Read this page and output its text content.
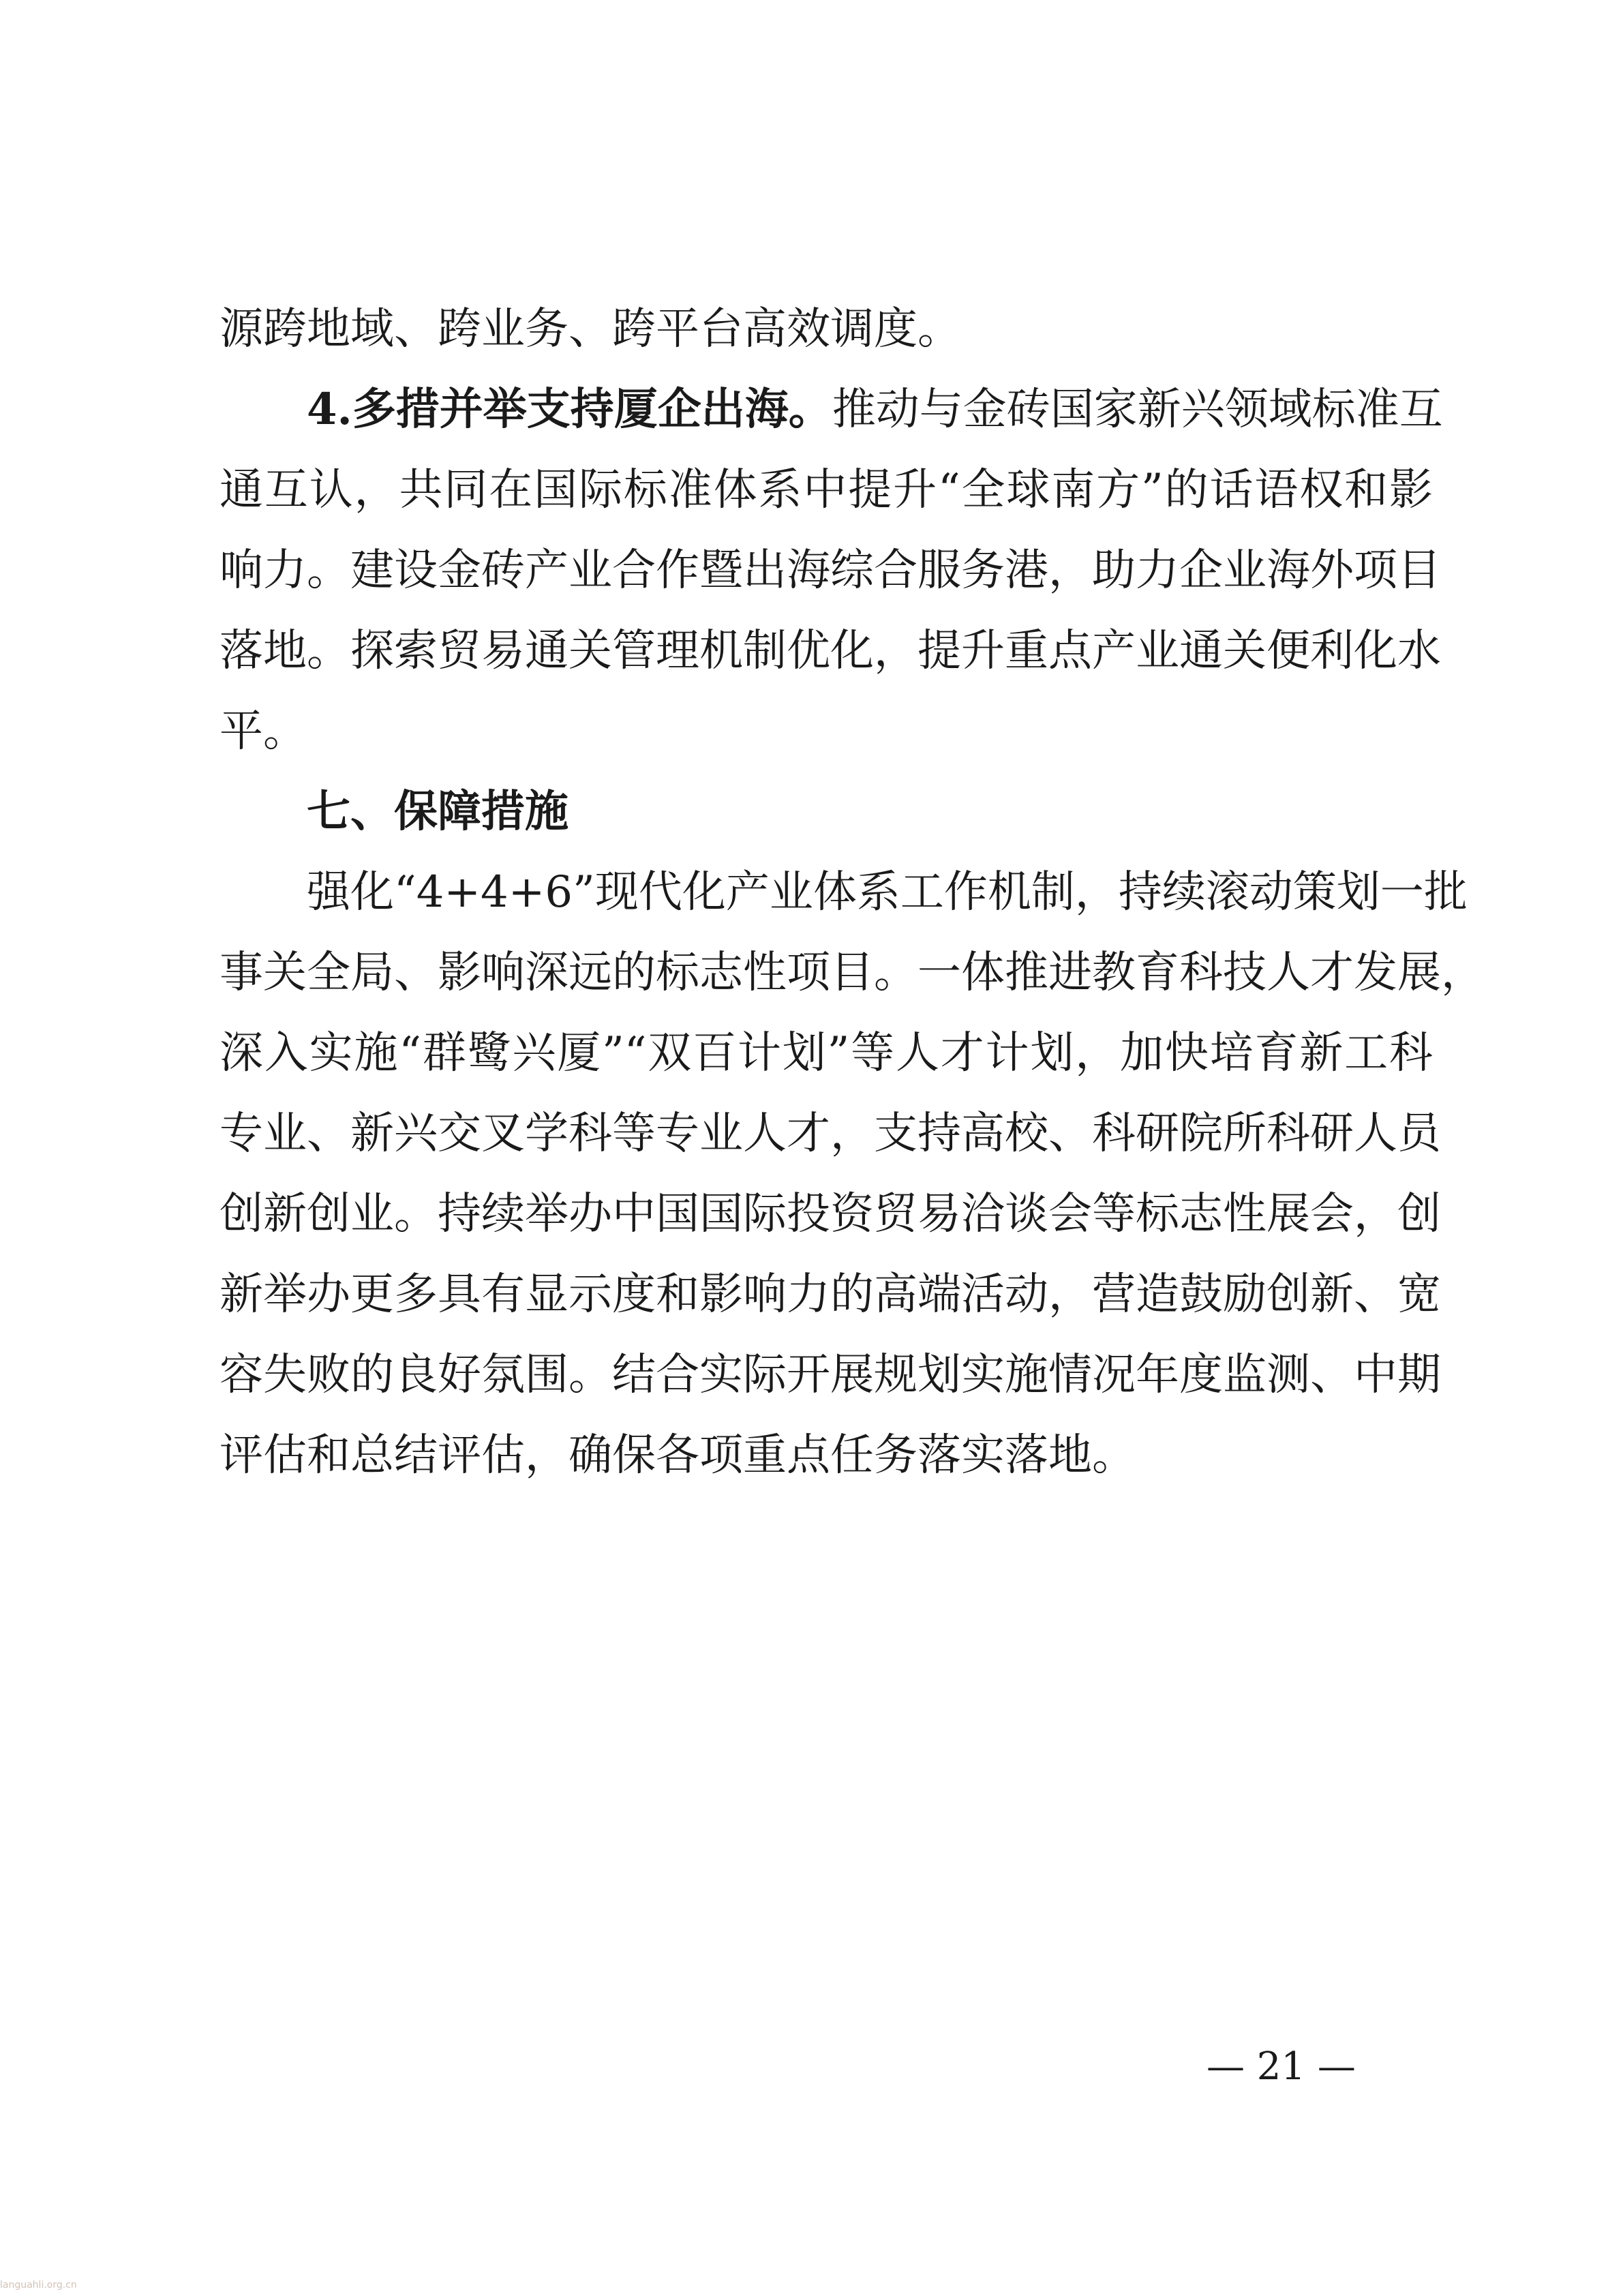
源跨地域、跨业务、跨平台高效调度。
4.多措并举支持厦企出海。推动与金砖国家新兴领域标准互
通互认，共同在国际标准体系中提升“全球南方”的话语权和影
响力。建设金砖产业合作暨出海综合服务港，助力企业海外项目
落地。探索贸易通关管理机制优化，提升重点产业通关便利化水
平。
七、保障措施
强化“4+4+6”现代化产业体系工作机制，持续滚动策划一批
事关全局、影响深远的标志性项目。一体推进教育科技人才发展，
深入实施“群鹭兴厦”“双百计划”等人才计划，加快培育新工科
专业、新兴交叉学科等专业人才，支持高校、科研院所科研人员
创新创业。持续举办中国国际投资贸易洽谈会等标志性展会，创
新举办更多具有显示度和影响力的高端活动，营造鼓励创新、宽
容失败的良好氛围。结合实际开展规划实施情况年度监测、中期
评估和总结评估，确保各项重点任务落实落地。
— 21 —
languahli.org.cn
